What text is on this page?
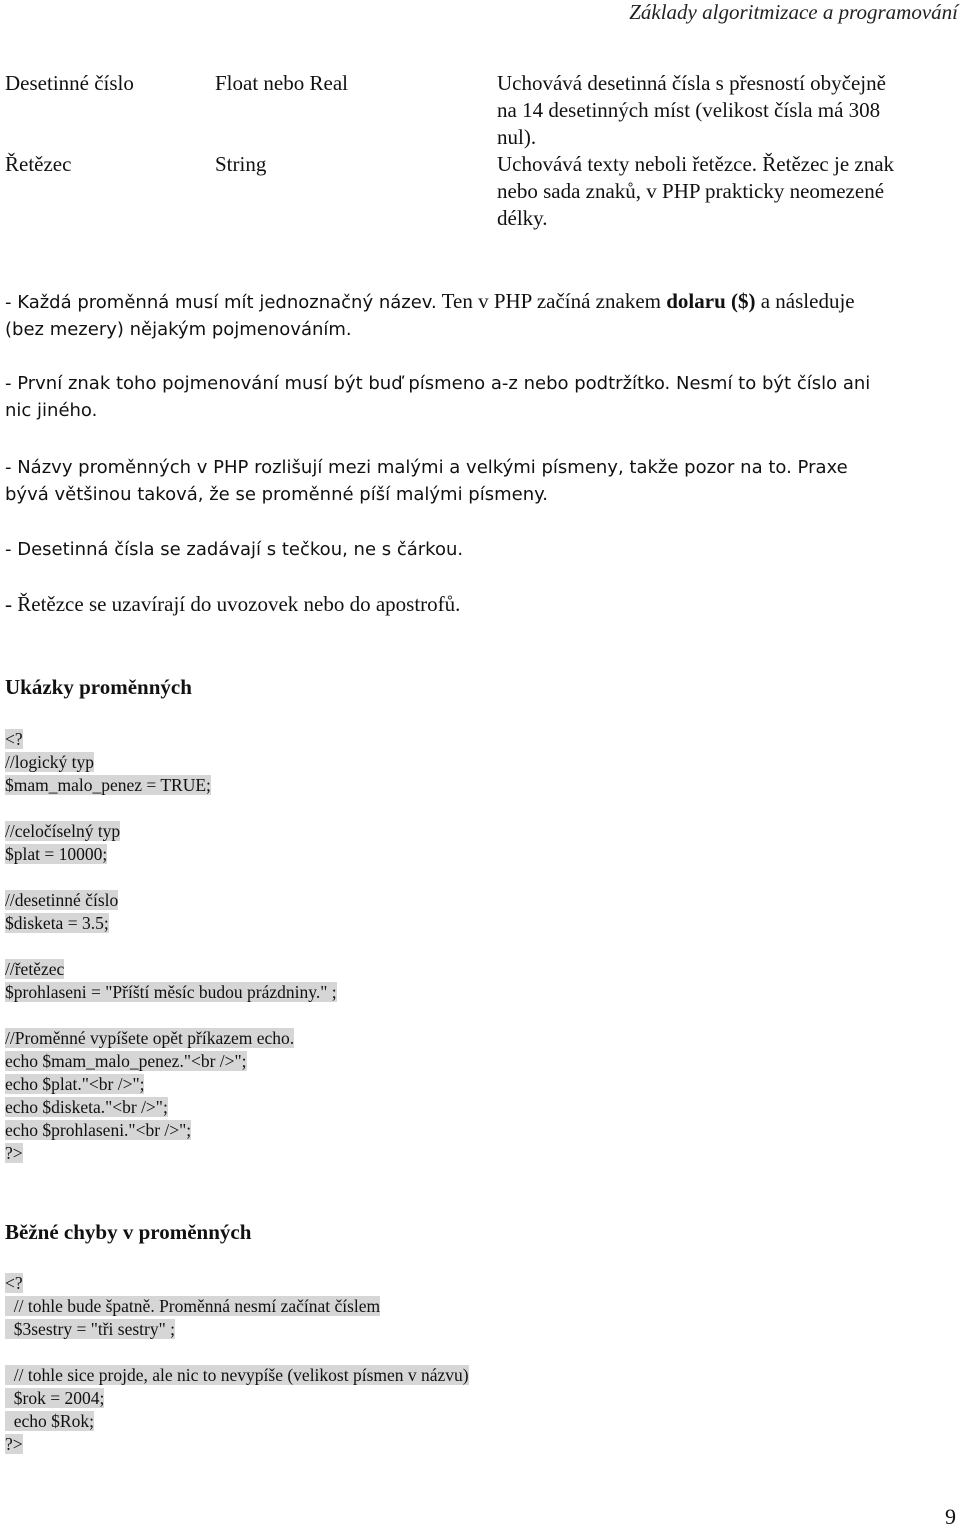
Základy algoritmizace a programování
Desetinné číslo	Float nebo Real	Uchovává desetinná čísla s přesností obyčejně
na 14 desetinných míst (velikost čísla má 308
nul).
Řetězec	String	Uchovává texty neboli řetězce. Řetězec je znak
nebo sada znaků, v PHP prakticky neomezené
délky.
- Každá proměnná musí mít jednoznačný název. Ten v PHP začíná znakem dolaru ($) a následuje
(bez mezery) nějakým pojmenováním.
- První znak toho pojmenování musí být buď písmeno a-z nebo podtržítko. Nesmí to být číslo ani
nic jiného.
- Názvy proměnných v PHP rozlišují mezi malými a velkými písmeny, takže pozor na to. Praxe
bývá většinou taková, že se proměnné píší malými písmeny.
- Desetinná čísla se zadávají s tečkou, ne s čárkou.
- Řetězce se uzavírají do uvozovek nebo do apostrofů.
Ukázky proměnných
<?
//logický typ
$mam_malo_penez = TRUE;
//celočíselný typ
$plat = 10000;
//desetinné číslo
$disketa = 3.5;
//řetězec
$prohlaseni = "Příští měsíc budou prázdniny." ;
//Proměnné vypíšete opět příkazem echo.
echo $mam_malo_penez."<br />";
echo $plat."<br />";
echo $disketa."<br />";
echo $prohlaseni."<br />";
?>
Běžné chyby v proměnných
<?
// tohle bude špatně. Proměnná nesmí začínat číslem
$3sestry = "tři sestry" ;
// tohle sice projde, ale nic to nevypíše (velikost písmen v názvu)
$rok = 2004;
echo $Rok;
?>
9
